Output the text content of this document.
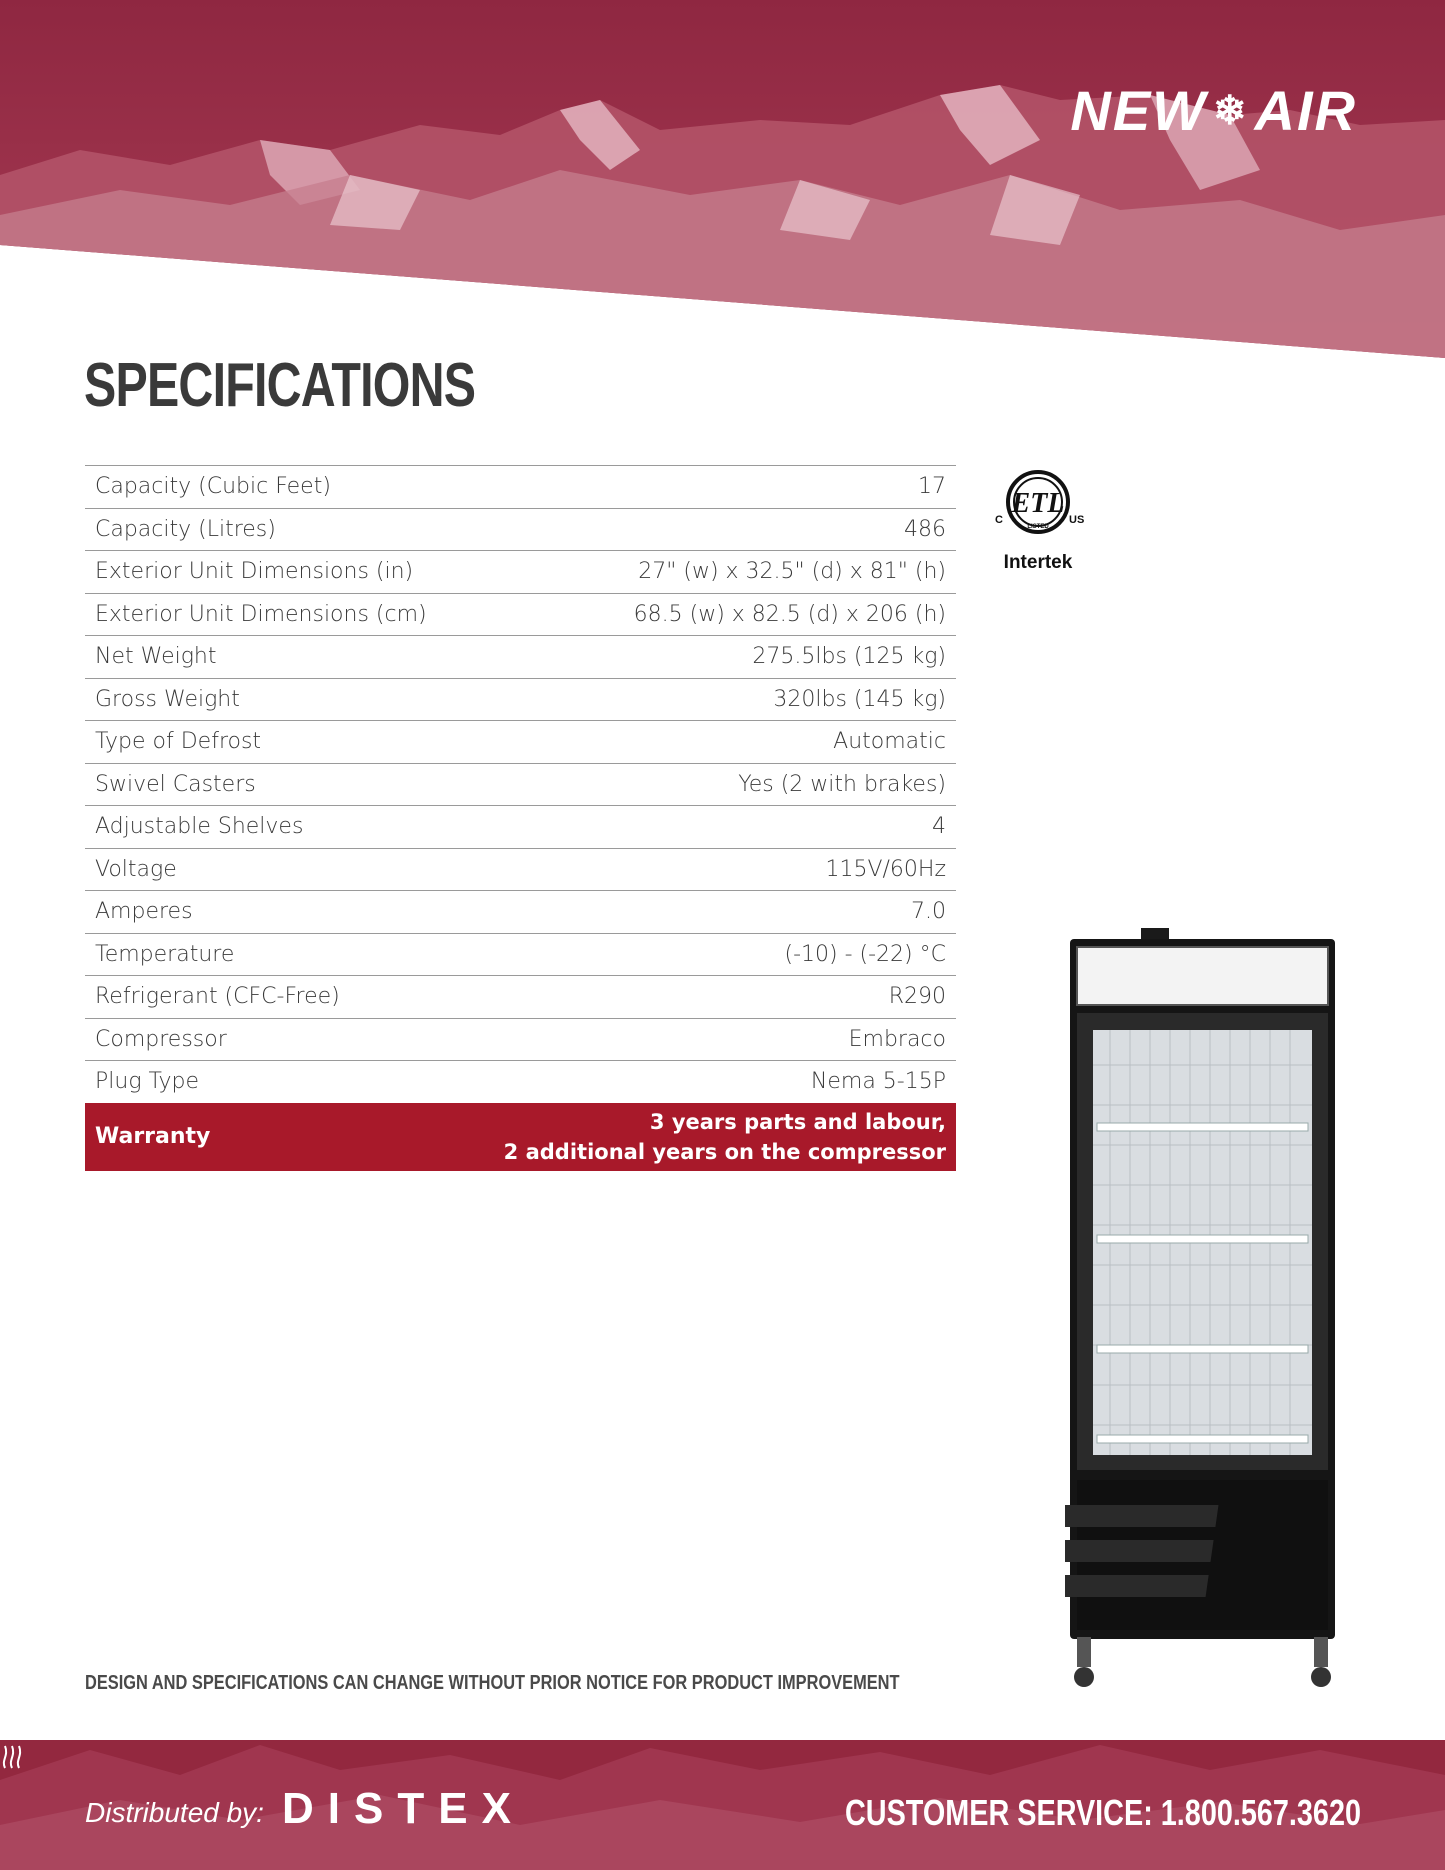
NEW ❄ AIR
SPECIFICATIONS
Capacity (Cubic Feet)	17
Capacity (Litres)	486
Exterior Unit Dimensions (in)	27" (w) x 32.5" (d) x 81" (h)
Exterior Unit Dimensions (cm)	68.5 (w) x 82.5 (d) x 206 (h)
Net Weight	275.5lbs (125 kg)
Gross Weight	320lbs (145 kg)
Type of Defrost	Automatic
Swivel Casters	Yes (2 with brakes)
Adjustable Shelves	4
Voltage	115V/60Hz
Amperes	7.0
Temperature	(-10) - (-22) °C
Refrigerant (CFC-Free)	R290
Compressor	Embraco
Plug Type	Nema 5-15P
Warranty	3 years parts and labour,
2 additional years on the compressor
ETL
LISTED
C	US
Intertek

DESIGN AND SPECIFICATIONS CAN CHANGE WITHOUT PRIOR NOTICE FOR PRODUCT IMPROVEMENT

Distributed by: DISTEX	CUSTOMER SERVICE: 1.800.567.3620
